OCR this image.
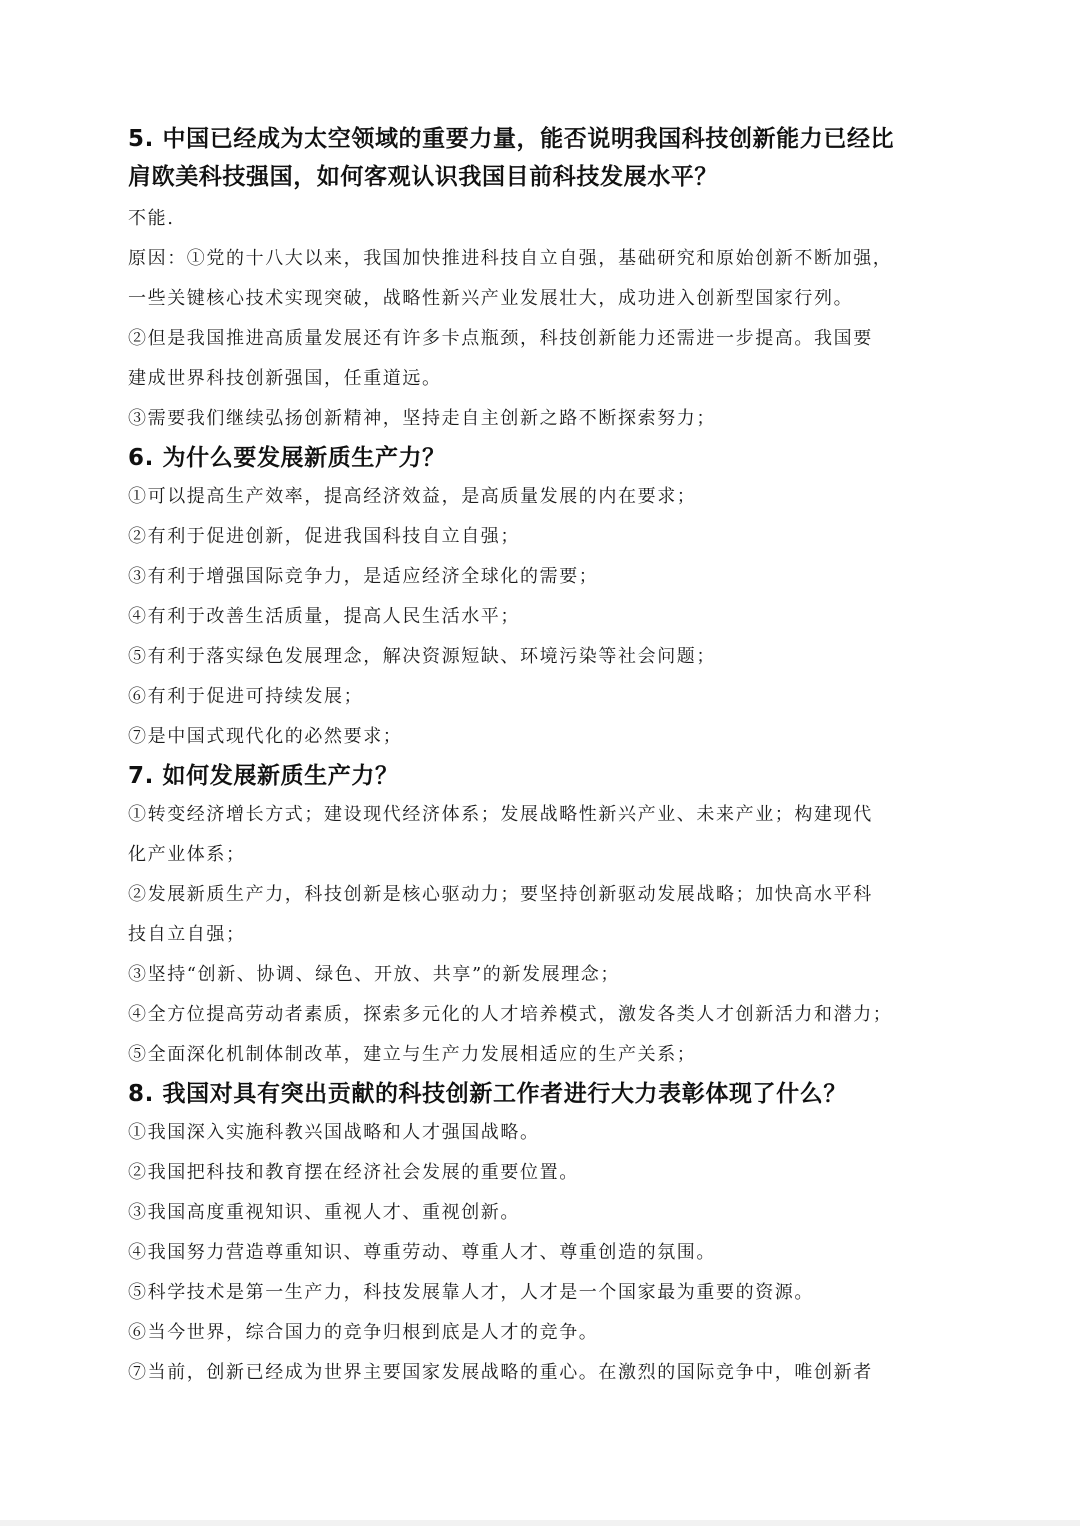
5. 中国已经成为太空领域的重要力量，能否说明我国科技创新能力已经比

肩欧美科技强国，如何客观认识我国目前科技发展水平？

不能.

原因：①党的十八大以来，我国加快推进科技自立自强，基础研究和原始创新不断加强，

一些关键核心技术实现突破，战略性新兴产业发展壮大，成功进入创新型国家行列。

②但是我国推进高质量发展还有许多卡点瓶颈，科技创新能力还需进一步提高。我国要

建成世界科技创新强国，任重道远。

③需要我们继续弘扬创新精神，坚持走自主创新之路不断探索努力；

6. 为什么要发展新质生产力？

①可以提高生产效率，提高经济效益，是高质量发展的内在要求；

②有利于促进创新，促进我国科技自立自强；

③有利于增强国际竞争力，是适应经济全球化的需要；

④有利于改善生活质量，提高人民生活水平；

⑤有利于落实绿色发展理念，解决资源短缺、环境污染等社会问题；

⑥有利于促进可持续发展；

⑦是中国式现代化的必然要求；

7. 如何发展新质生产力？

①转变经济增长方式；建设现代经济体系；发展战略性新兴产业、未来产业；构建现代

化产业体系；

②发展新质生产力，科技创新是核心驱动力；要坚持创新驱动发展战略；加快高水平科

技自立自强；

③坚持“创新、协调、绿色、开放、共享”的新发展理念；

④全方位提高劳动者素质，探索多元化的人才培养模式，激发各类人才创新活力和潜力；

⑤全面深化机制体制改革，建立与生产力发展相适应的生产关系；

8. 我国对具有突出贡献的科技创新工作者进行大力表彰体现了什么？

①我国深入实施科教兴国战略和人才强国战略。

②我国把科技和教育摆在经济社会发展的重要位置。

③我国高度重视知识、重视人才、重视创新。

④我国努力营造尊重知识、尊重劳动、尊重人才、尊重创造的氛围。

⑤科学技术是第一生产力，科技发展靠人才，人才是一个国家最为重要的资源。

⑥当今世界，综合国力的竞争归根到底是人才的竞争。

⑦当前，创新已经成为世界主要国家发展战略的重心。在激烈的国际竞争中，唯创新者
